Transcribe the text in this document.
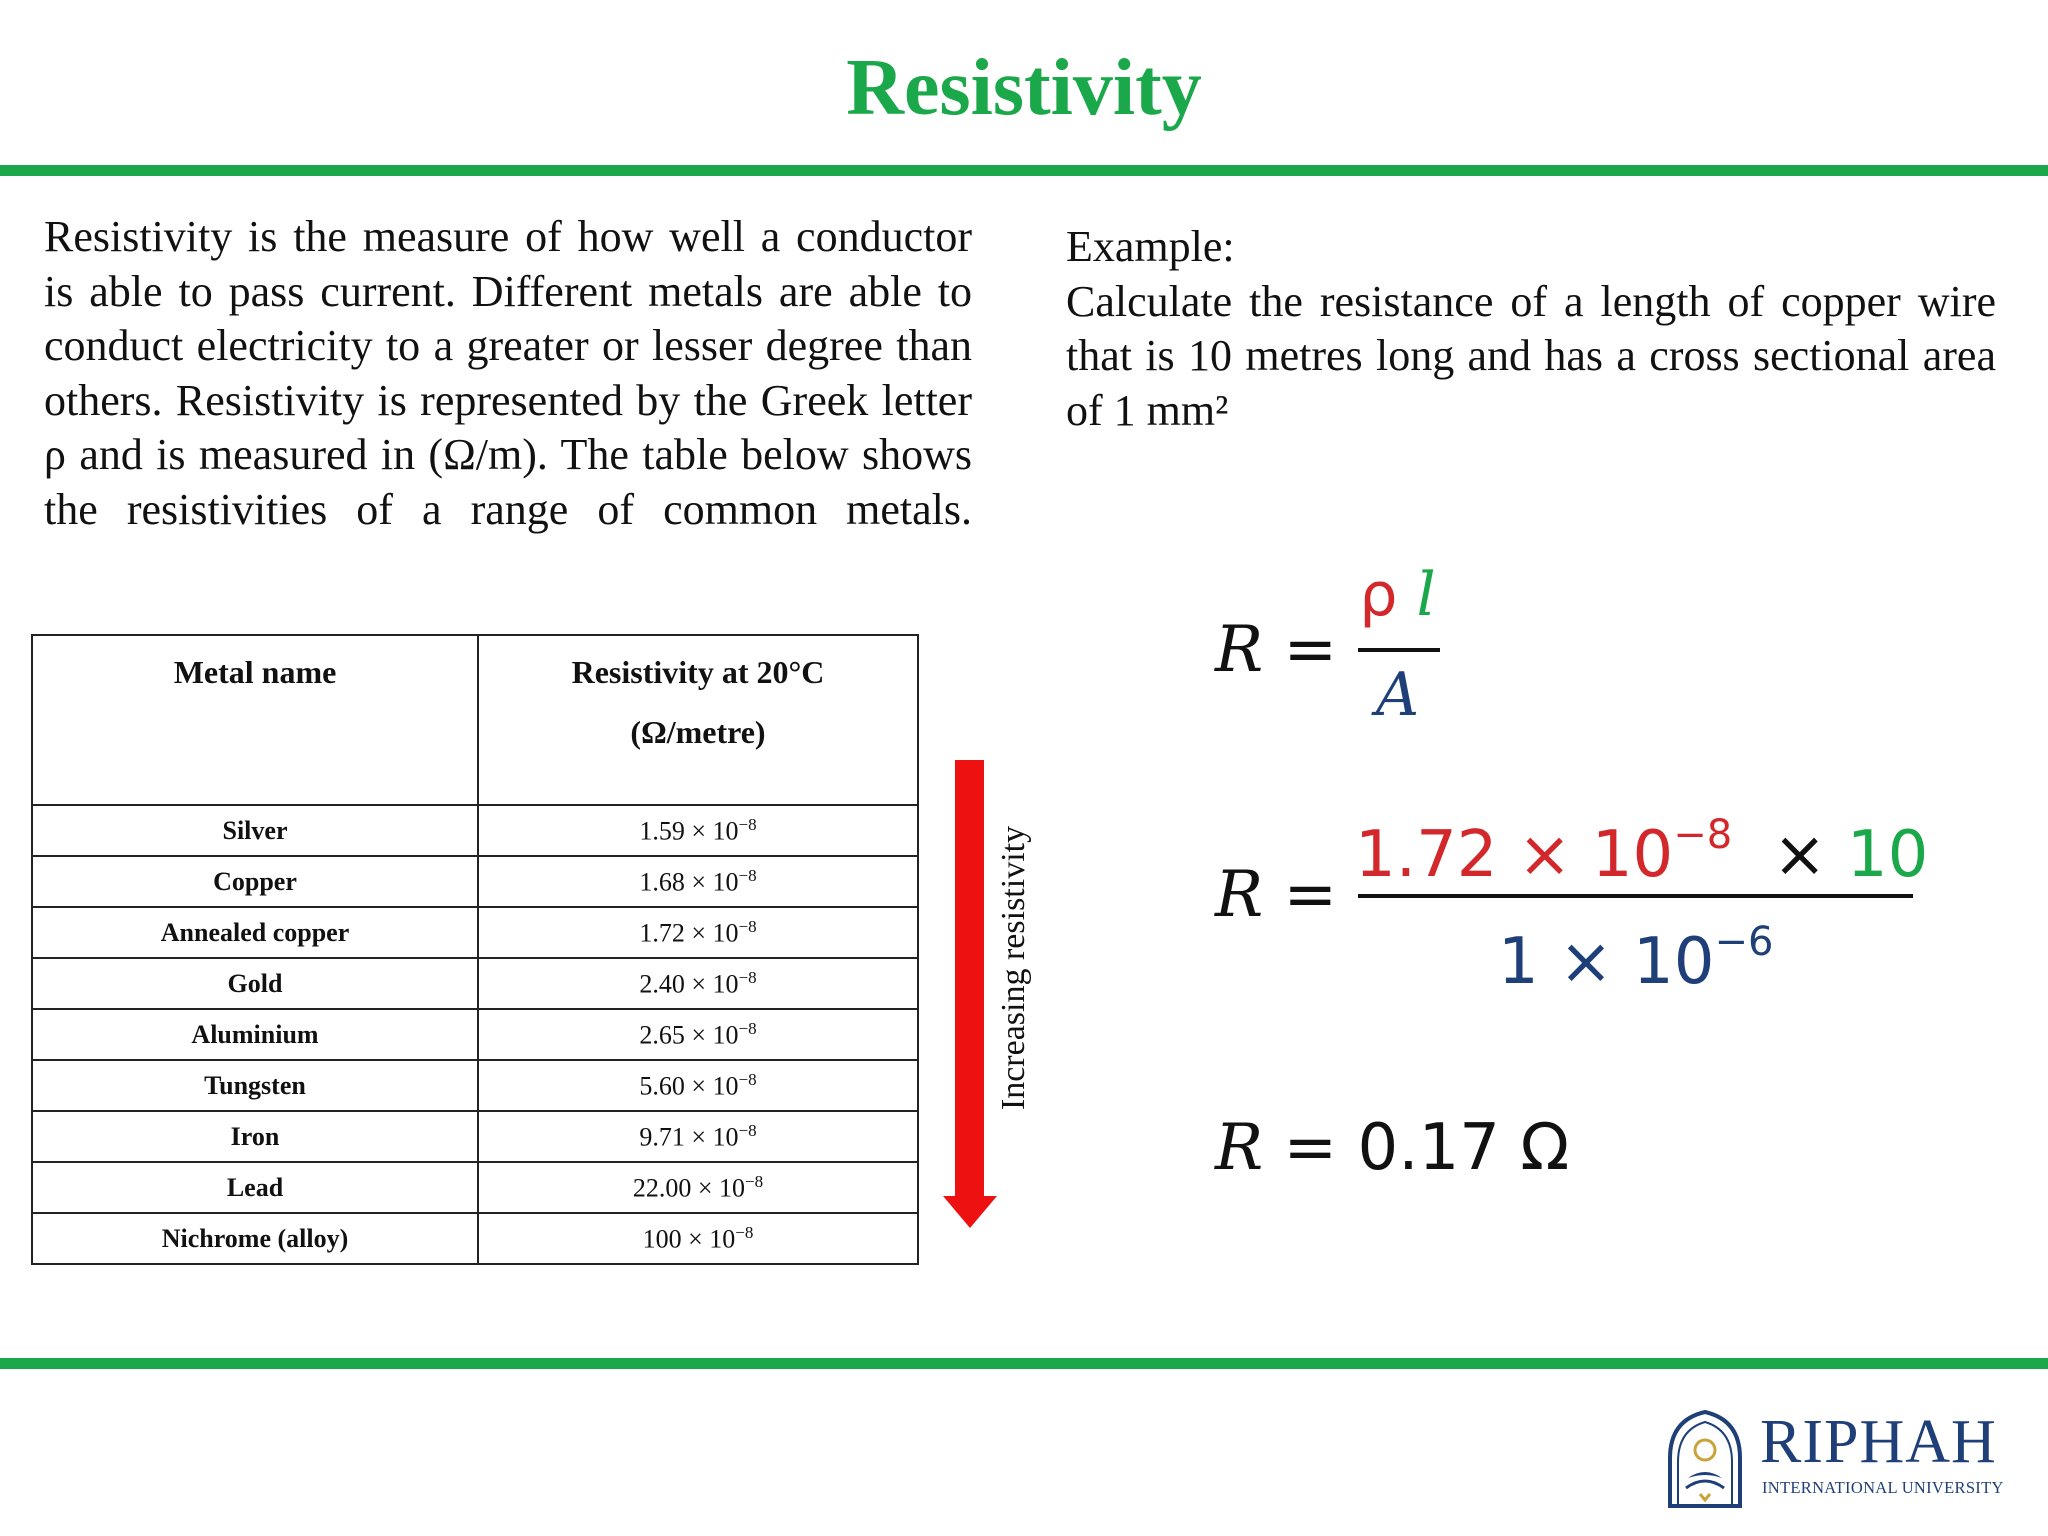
Resistivity
Resistivity is the measure of how well a conductor is able to pass current. Different metals are able to conduct electricity to a greater or lesser degree than others. Resistivity is represented by the Greek letter ρ and is measured in (Ω/m). The table below shows the resistivities of a range of common metals.
Example:
Calculate the resistance of a length of copper wire that is 10 metres long and has a cross sectional area of 1 mm²
Metal name	Resistivity at 20°C
(Ω/metre)

Silver	$1.59 \times 10^{-8}$
Copper	$1.68 \times 10^{-8}$
Annealed copper	$1.72 \times 10^{-8}$
Gold	$2.40 \times 10^{-8}$
Aluminium	$2.65 \times 10^{-8}$
Tungsten	$5.60 \times 10^{-8}$
Iron	$9.71 \times 10^{-8}$
Lead	$22.00 \times 10^{-8}$
Nichrome (alloy)	$100 \times 10^{-8}$
Increasing resistivity
R =
ρ l
A
R =
$1.72 \times 10^{-8} \times 10$
$1 \times 10^{-6}$
R = 0.17 Ω
RIPHAH
INTERNATIONAL UNIVERSITY
